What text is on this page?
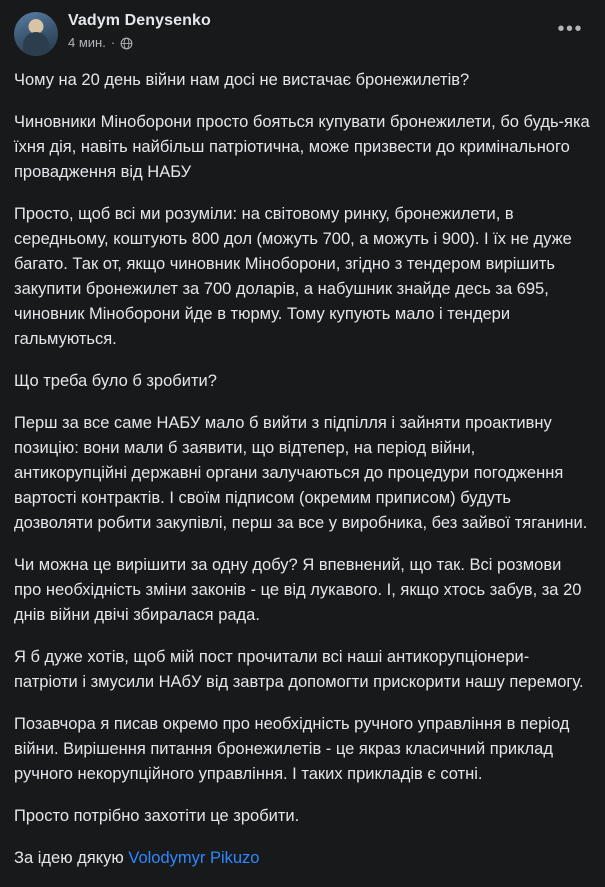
Vadym Denysenko
4 мин. ·
•••

Чому на 20 день війни нам досі не вистачає бронежилетів?

Чиновники Міноборони просто бояться купувати бронежилети, бо будь-яка їхня дія, навіть найбільш патріотична, може призвести до кримінального провадження від НАБУ

Просто, щоб всі ми розуміли: на світовому ринку, бронежилети, в середньому, коштують 800 дол (можуть 700, а можуть і 900). І їх не дуже багато. Так от, якщо чиновник Міноборони, згідно з тендером вирішить закупити бронежилет за 700 доларів, а набушник знайде десь за 695, чиновник Міноборони йде в тюрму. Тому купують мало і тендери гальмуються.

Що треба було б зробити?

Перш за все саме НАБУ мало б вийти з підпілля і зайняти проактивну позицію: вони мали б заявити, що відтепер, на період війни, антикорупційні державні органи залучаються до процедури погодження вартості контрактів. І своїм підписом (окремим приписом) будуть дозволяти робити закупівлі, перш за все у виробника, без зайвої тяганини.

Чи можна це вирішити за одну добу? Я впевнений, що так. Всі розмови про необхідність зміни законів - це від лукавого. І, якщо хтось забув, за 20 днів війни двічі збиралася рада.

Я б дуже хотів, щоб мій пост прочитали всі наші антикорупціонери-патріоти і змусили НАбУ від завтра допомогти прискорити нашу перемогу.

Позавчора я писав окремо про необхідність ручного управління в період війни. Вирішення питання бронежилетів - це якраз класичний приклад ручного некорупційного управління. І таких прикладів є сотні.

Просто потрібно захотіти це зробити.

За ідею дякую Volodymyr Pikuzo
